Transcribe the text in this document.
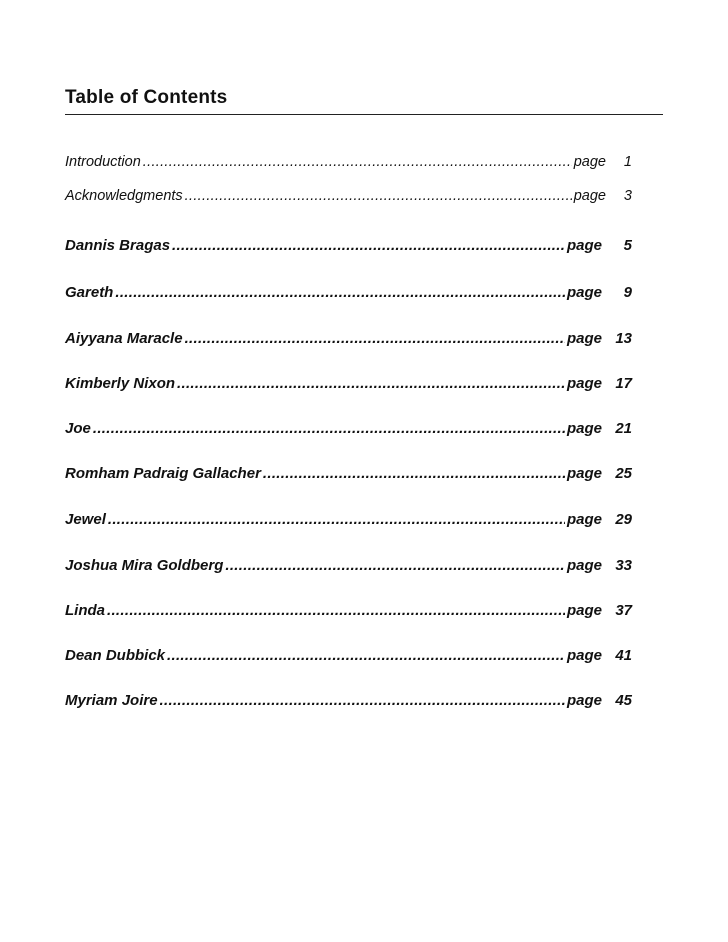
Table of Contents
Introduction .....	page	1
Acknowledgments .....	page	3
Dannis Bragas .....	page	5
Gareth .....	page	9
Aiyyana Maracle .....	page 13
Kimberly Nixon .....	page 17
Joe .....	page 21
Romham Padraig Gallacher .....	page 25
Jewel .....	page 29
Joshua Mira Goldberg .....	page 33
Linda .....	page 37
Dean Dubbick .....	page 41
Myriam Joire .....	page 45
